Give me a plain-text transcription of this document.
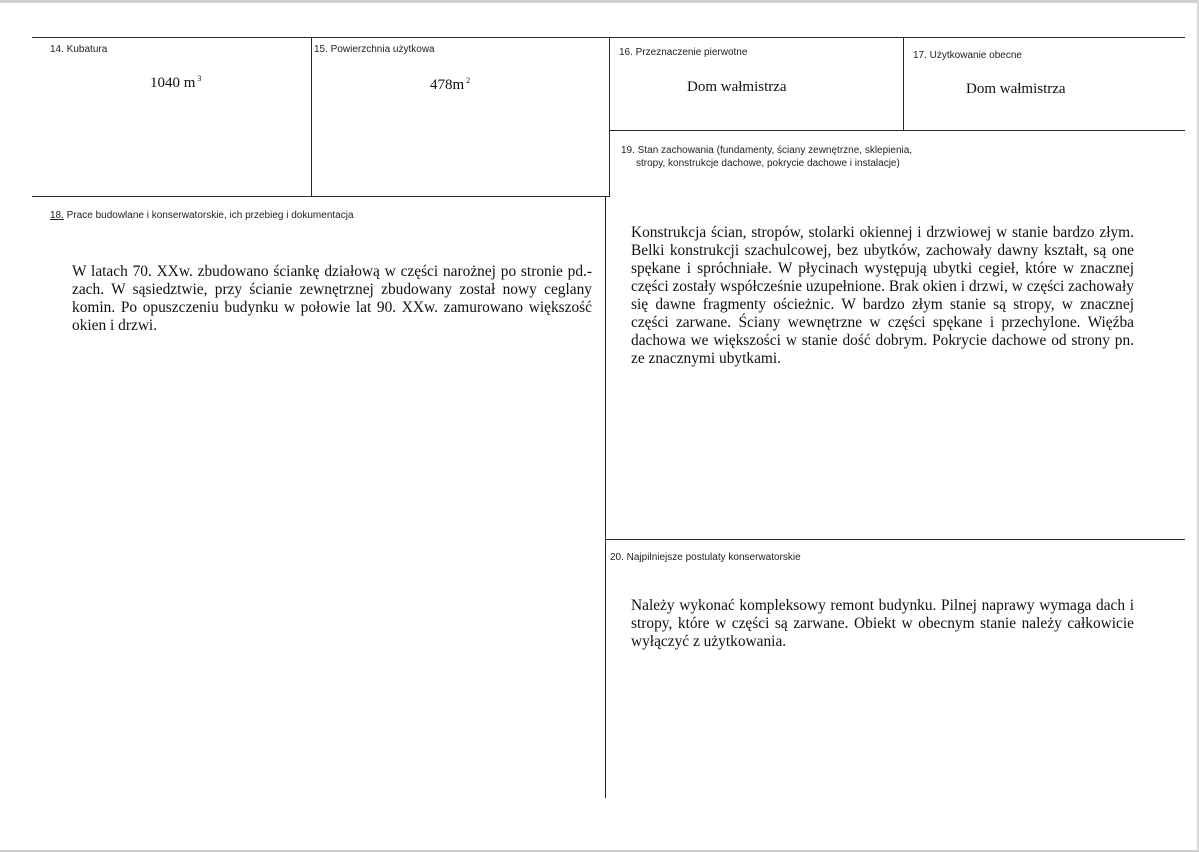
14. Kubatura
1040 m $^3$
15. Powierzchnia użytkowa
478m $^2$
16. Przeznaczenie pierwotne
Dom wałmistrza
17. Użytkowanie obecne
Dom wałmistrza
19. Stan zachowania (fundamenty, ściany zewnętrzne, sklepienia,
stropy, konstrukcje dachowe, pokrycie dachowe i instalacje)
18. Prace budowlane i konserwatorskie, ich przebieg i dokumentacja
W latach 70. XXw. zbudowano ściankę działową w części narożnej po stronie pd.-zach. W sąsiedztwie, przy ścianie zewnętrznej zbudowany został nowy ceglany komin. Po opuszczeniu budynku w połowie lat 90. XXw. zamurowano większość okien i drzwi.
Konstrukcja ścian, stropów, stolarki okiennej i drzwiowej w stanie bardzo złym. Belki konstrukcji szachulcowej, bez ubytków, zachowały dawny kształt, są one spękane i spróchniałe. W płycinach występują ubytki cegieł, które w znacznej części zostały współcześnie uzupełnione. Brak okien i drzwi, w części zachowały się dawne fragmenty ościeżnic. W bardzo złym stanie są stropy, w znacznej części zarwane. Ściany wewnętrzne w części spękane i przechylone. Więźba dachowa we większości w stanie dość dobrym. Pokrycie dachowe od strony pn. ze znacznymi ubytkami.
20. Najpilniejsze postulaty konserwatorskie
Należy wykonać kompleksowy remont budynku. Pilnej naprawy wymaga dach i stropy, które w części są zarwane. Obiekt w obecnym stanie należy całkowicie wyłączyć z użytkowania.
